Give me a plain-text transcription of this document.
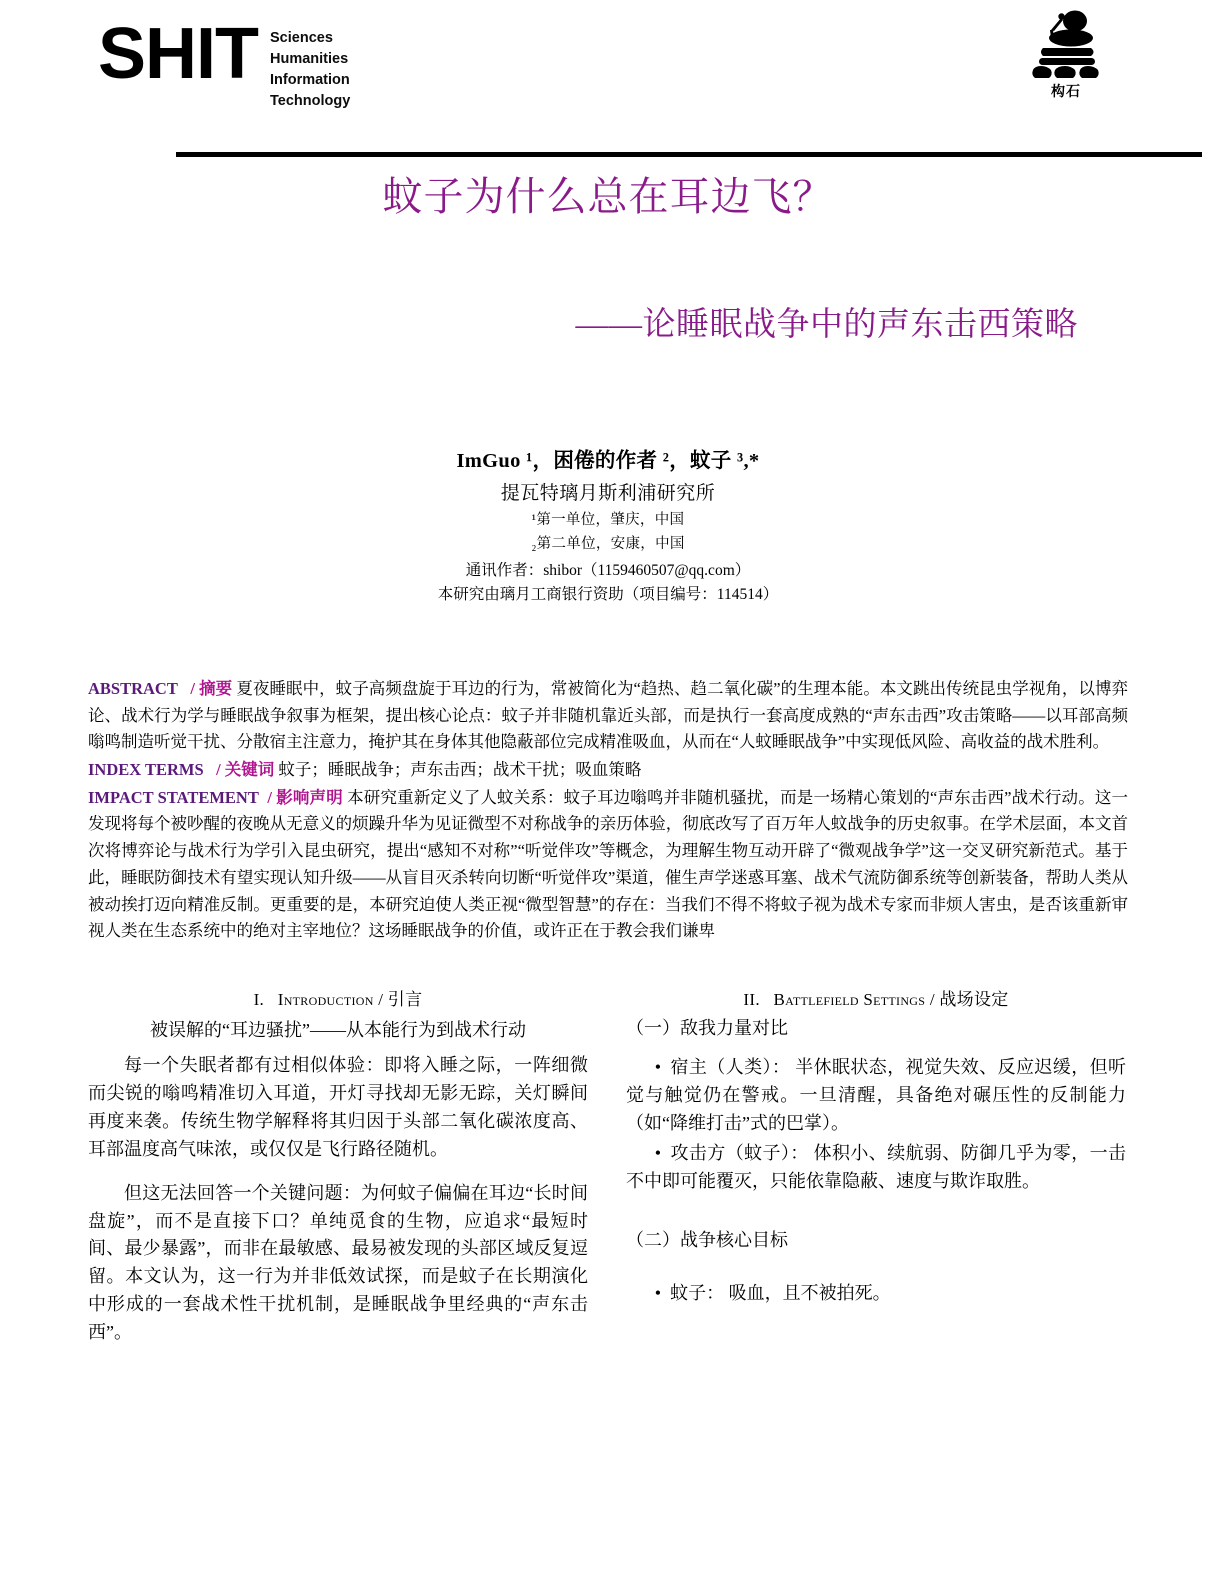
SHIT Sciences
Humanities
Information
Technology
构石
蚊子为什么总在耳边飞？
——论睡眠战争中的声东击西策略
ImGuo ¹，困倦的作者 ²，蚊子 ³,*
提瓦特璃月斯利浦研究所
¹第一单位，肇庆，中国
₂第二单位，安康，中国
通讯作者：shibor（1159460507@qq.com）
本研究由璃月工商银行资助（项目编号：114514）
ABSTRACT / 摘要 夏夜睡眠中，蚊子高频盘旋于耳边的行为，常被简化为“趋热、趋二氧化碳”的生理本能。本文跳出传统昆虫学视角，以博弈论、战术行为学与睡眠战争叙事为框架，提出核心论点：蚊子并非随机靠近头部，而是执行一套高度成熟的“声东击西”攻击策略——以耳部高频嗡鸣制造听觉干扰、分散宿主注意力，掩护其在身体其他隐蔽部位完成精准吸血，从而在“人蚊睡眠战争”中实现低风险、高收益的战术胜利。
INDEX TERMS / 关键词 蚊子；睡眠战争；声东击西；战术干扰；吸血策略
IMPACT STATEMENT / 影响声明 本研究重新定义了人蚊关系：蚊子耳边嗡鸣并非随机骚扰，而是一场精心策划的“声东击西”战术行动。这一发现将每个被吵醒的夜晚从无意义的烦躁升华为见证微型不对称战争的亲历体验，彻底改写了百万年人蚊战争的历史叙事。在学术层面，本文首次将博弈论与战术行为学引入昆虫研究，提出“感知不对称”“听觉伴攻”等概念，为理解生物互动开辟了“微观战争学”这一交叉研究新范式。基于此，睡眠防御技术有望实现认知升级——从盲目灭杀转向切断“听觉伴攻”渠道，催生声学迷惑耳塞、战术气流防御系统等创新装备，帮助人类从被动挨打迈向精准反制。更重要的是，本研究迫使人类正视“微型智慧”的存在：当我们不得不将蚊子视为战术专家而非烦人害虫，是否该重新审视人类在生态系统中的绝对主宰地位？这场睡眠战争的价值，或许正在于教会我们谦卑
I. Introduction / 引言
被误解的“耳边骚扰”——从本能行为到战术行动

每一个失眠者都有过相似体验：即将入睡之际，一阵细微而尖锐的嗡鸣精准切入耳道，开灯寻找却无影无踪，关灯瞬间再度来袭。传统生物学解释将其归因于头部二氧化碳浓度高、耳部温度高气味浓，或仅仅是飞行路径随机。

但这无法回答一个关键问题：为何蚊子偏偏在耳边“长时间盘旋”，而不是直接下口？单纯觅食的生物，应追求“最短时间、最少暴露”，而非在最敏感、最易被发现的头部区域反复逗留。本文认为，这一行为并非低效试探，而是蚊子在长期演化中形成的一套战术性干扰机制，是睡眠战争里经典的“声东击西”。

II. Battlefield Settings / 战场设定
（一）敌我力量对比

• 宿主（人类）： 半休眠状态，视觉失效、反应迟缓，但听觉与触觉仍在警戒。一旦清醒，具备绝对碾压性的反制能力（如“降维打击”式的巴掌）。

• 攻击方（蚊子）： 体积小、续航弱、防御几乎为零，一击不中即可能覆灭，只能依靠隐蔽、速度与欺诈取胜。

（二）战争核心目标

• 蚊子： 吸血，且不被拍死。
